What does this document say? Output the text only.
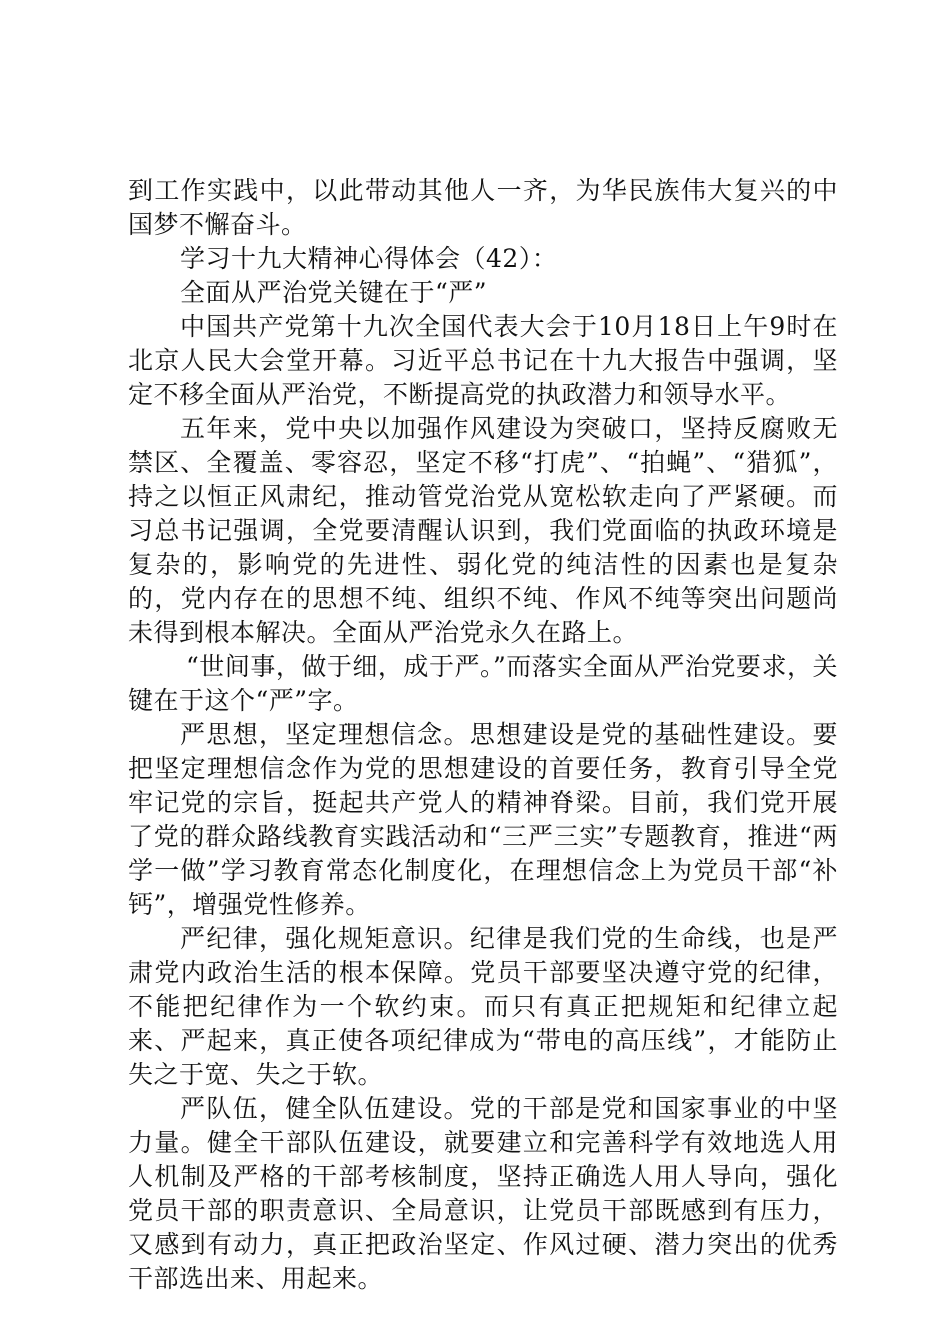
到工作实践中，以此带动其他人一齐，为华民族伟大复兴的中国梦不懈奋斗。

学习十九大精神心得体会（42）：

全面从严治党关键在于“严”

中国共产党第十九次全国代表大会于10月18日上午9时在北京人民大会堂开幕。习近平总书记在十九大报告中强调，坚定不移全面从严治党，不断提高党的执政潜力和领导水平。

五年来，党中央以加强作风建设为突破口，坚持反腐败无禁区、全覆盖、零容忍，坚定不移“打虎”、“拍蝇”、“猎狐”，持之以恒正风肃纪，推动管党治党从宽松软走向了严紧硬。而习总书记强调，全党要清醒认识到，我们党面临的执政环境是复杂的，影响党的先进性、弱化党的纯洁性的因素也是复杂的，党内存在的思想不纯、组织不纯、作风不纯等突出问题尚未得到根本解决。全面从严治党永久在路上。

“世间事，做于细，成于严。”而落实全面从严治党要求，关键在于这个“严”字。

严思想，坚定理想信念。思想建设是党的基础性建设。要把坚定理想信念作为党的思想建设的首要任务，教育引导全党牢记党的宗旨，挺起共产党人的精神脊梁。目前，我们党开展了党的群众路线教育实践活动和“三严三实”专题教育，推进“两学一做”学习教育常态化制度化，在理想信念上为党员干部“补钙”，增强党性修养。

严纪律，强化规矩意识。纪律是我们党的生命线，也是严肃党内政治生活的根本保障。党员干部要坚决遵守党的纪律，不能把纪律作为一个软约束。而只有真正把规矩和纪律立起来、严起来，真正使各项纪律成为“带电的高压线”，才能防止失之于宽、失之于软。

严队伍，健全队伍建设。党的干部是党和国家事业的中坚力量。健全干部队伍建设，就要建立和完善科学有效地选人用人机制及严格的干部考核制度，坚持正确选人用人导向，强化党员干部的职责意识、全局意识，让党员干部既感到有压力，又感到有动力，真正把政治坚定、作风过硬、潜力突出的优秀干部选出来、用起来。
